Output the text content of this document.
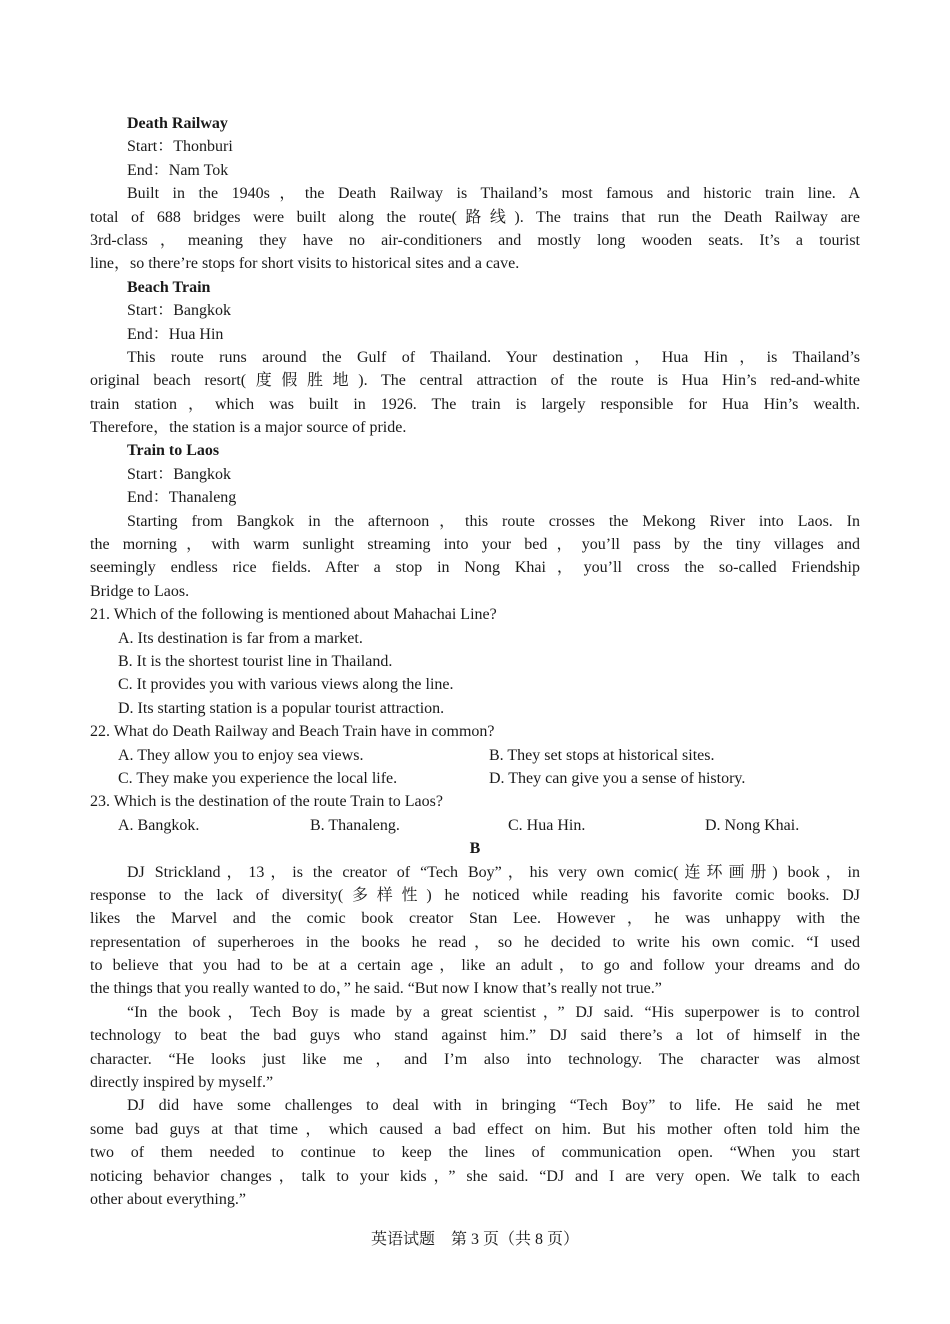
Death Railway
Start：Thonburi
End：Nam Tok
Built in the 1940s，the Death Railway is Thailand’s most famous and historic train line. A
total of 688 bridges were built along the route(路线). The trains that run the Death Railway are
3rd-class，meaning they have no air-conditioners and mostly long wooden seats. It’s a tourist
line，so there’re stops for short visits to historical sites and a cave.
Beach Train
Start：Bangkok
End：Hua Hin
This route runs around the Gulf of Thailand. Your destination，Hua Hin，is Thailand’s
original beach resort(度假胜地). The central attraction of the route is Hua Hin’s red-and-white
train station，which was built in 1926. The train is largely responsible for Hua Hin’s wealth.
Therefore，the station is a major source of pride.
Train to Laos
Start：Bangkok
End：Thanaleng
Starting from Bangkok in the afternoon，this route crosses the Mekong River into Laos. In
the morning，with warm sunlight streaming into your bed，you’ll pass by the tiny villages and
seemingly endless rice fields. After a stop in Nong Khai，you’ll cross the so-called Friendship
Bridge to Laos.
21. Which of the following is mentioned about Mahachai Line?
A. Its destination is far from a market.
B. It is the shortest tourist line in Thailand.
C. It provides you with various views along the line.
D. Its starting station is a popular tourist attraction.
22. What do Death Railway and Beach Train have in common?
A. They allow you to enjoy sea views.	B. They set stops at historical sites.
C. They make you experience the local life.	D. They can give you a sense of history.
23. Which is the destination of the route Train to Laos?
A. Bangkok.	B. Thanaleng.	C. Hua Hin.	D. Nong Khai.
B
DJ Strickland，13，is the creator of “Tech Boy”，his very own comic(连环画册) book，in
response to the lack of diversity(多样性) he noticed while reading his favorite comic books. DJ
likes the Marvel and the comic book creator Stan Lee. However，he was unhappy with the
representation of superheroes in the books he read，so he decided to write his own comic. “I used
to believe that you had to be at a certain age，like an adult，to go and follow your dreams and do
the things that you really wanted to do，” he said. “But now I know that’s really not true.”
“In the book，Tech Boy is made by a great scientist，” DJ said. “His superpower is to control
technology to beat the bad guys who stand against him.” DJ said there’s a lot of himself in the
character. “He looks just like me，and I’m also into technology. The character was almost
directly inspired by myself.”
DJ did have some challenges to deal with in bringing “Tech Boy” to life. He said he met
some bad guys at that time，which caused a bad effect on him. But his mother often told him the
two of them needed to continue to keep the lines of communication open. “When you start
noticing behavior changes，talk to your kids，” she said. “DJ and I are very open. We talk to each
other about everything.”
英语试题　第 3 页（共 8 页）
